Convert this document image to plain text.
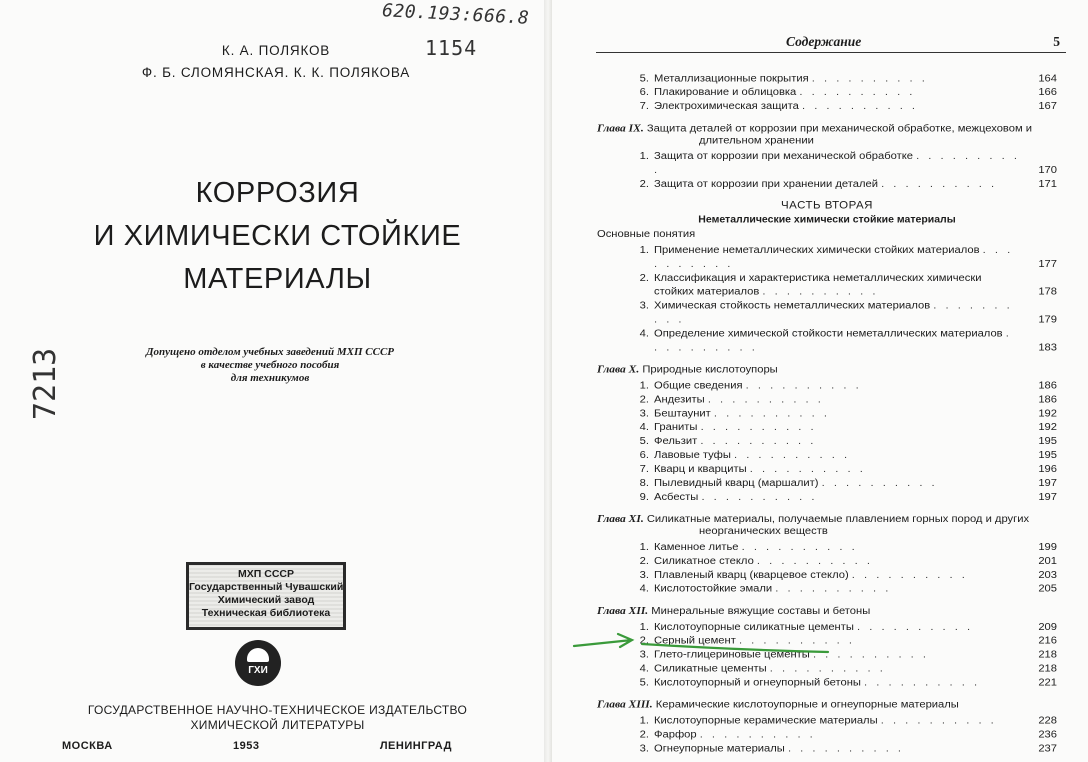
620.193:666.8
1154
7213
К. А. ПОЛЯКОВ
Ф. Б. СЛОМЯНСКАЯ. К. К. ПОЛЯКОВА
КОРРОЗИЯ
И ХИМИЧЕСКИ СТОЙКИЕ
МАТЕРИАЛЫ
Допущено отделом учебных заведений МХП СССР
в качестве учебного пособия
для техникумов
МХП СССР
Государственный Чувашский
Химический завод
Техническая библиотека
ГХИ
ГОСУДАРСТВЕННОЕ НАУЧНО-ТЕХНИЧЕСКОЕ ИЗДАТЕЛЬСТВО
ХИМИЧЕСКОЙ ЛИТЕРАТУРЫ
МОСКВА	1953	ЛЕНИНГРАД
Содержание	5
5. Металлизационные покрытия . . . . . . . . . .	164
6. Плакирование и облицовка . . . . . . . . . .	166
7. Электрохимическая защита . . . . . . . . . .	167
Глава IX. Защита деталей от коррозии при механической обработке, межцеховом и длительном хранении
1. Защита от коррозии при механической обработке . . . . . . . . . .	170
2. Защита от коррозии при хранении деталей . . . . . . . . . .	171
ЧАСТЬ ВТОРАЯ
Неметаллические химически стойкие материалы
Основные понятия
1. Применение неметаллических химически стойких материалов . . . . . . . . . .	177
2. Классификация и характеристика неметаллических химически стойких материалов . . . . . . . . . .	178
3. Химическая стойкость неметаллических материалов . . . . . . . . . .	179
4. Определение химической стойкости неметаллических материалов . . . . . . . . . .	183
Глава X. Природные кислотоупоры
1. Общие сведения . . . . . . . . . .	186
2. Андезиты . . . . . . . . . .	186
3. Бештаунит . . . . . . . . . .	192
4. Граниты . . . . . . . . . .	192
5. Фельзит . . . . . . . . . .	195
6. Лавовые туфы . . . . . . . . . .	195
7. Кварц и кварциты . . . . . . . . . .	196
8. Пылевидный кварц (маршалит) . . . . . . . . . .	197
9. Асбесты . . . . . . . . . .	197
Глава XI. Силикатные материалы, получаемые плавлением горных пород и других неорганических веществ
1. Каменное литье . . . . . . . . . .	199
2. Силикатное стекло . . . . . . . . . .	201
3. Плавленый кварц (кварцевое стекло) . . . . . . . . . .	203
4. Кислотостойкие эмали . . . . . . . . . .	205
Глава XII. Минеральные вяжущие составы и бетоны
1. Кислотоупорные силикатные цементы . . . . . . . . . .	209
2. Серный цемент . . . . . . . . . .	216
3. Глето-глицериновые цементы . . . . . . . . . .	218
4. Силикатные цементы . . . . . . . . . .	218
5. Кислотоупорный и огнеупорный бетоны . . . . . . . . . .	221
Глава XIII. Керамические кислотоупорные и огнеупорные материалы
1. Кислотоупорные керамические материалы . . . . . . . . . .	228
2. Фарфор . . . . . . . . . .	236
3. Огнеупорные материалы . . . . . . . . . .	237
